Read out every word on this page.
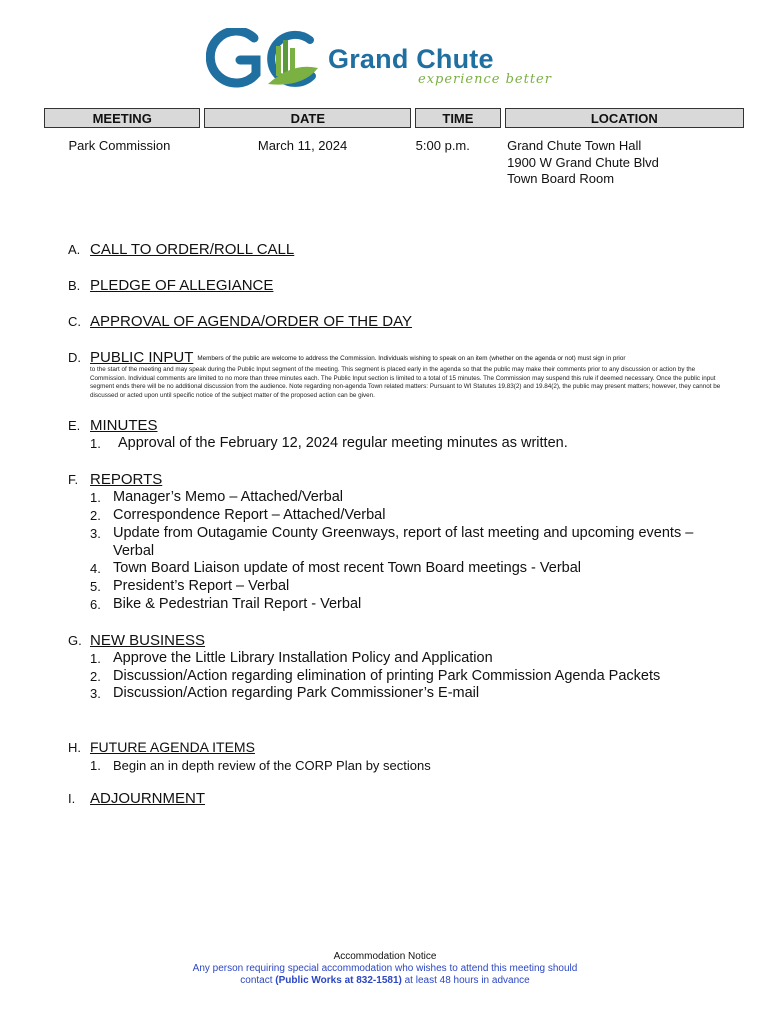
Grand Chute
experience better
MEETING		DATE		TIME		LOCATION
Park Commission		March 11, 2024		5:00 p.m.		Grand Chute Town Hall
1900 W Grand Chute Blvd
Town Board Room
A. CALL TO ORDER/ROLL CALL
B. PLEDGE OF ALLEGIANCE
C. APPROVAL OF AGENDA/ORDER OF THE DAY
D. PUBLIC INPUT Members of the public are welcome to address the Commission. Individuals wishing to speak on an item (whether on the agenda or not) must sign in prior
to the start of the meeting and may speak during the Public Input segment of the meeting. This segment is placed early in the agenda so that the public may make their comments prior to any discussion or action by the Commission. Individual comments are limited to no more than three minutes each. The Public Input section is limited to a total of 15 minutes. The Commission may suspend this rule if deemed necessary. Once the public input segment ends there will be no additional discussion from the audience. Note regarding non-agenda Town related matters: Pursuant to WI Statutes 19.83(2) and 19.84(2), the public may present matters; however, they cannot be discussed or acted upon until specific notice of the subject matter of the proposed action can be given.
E. MINUTES
1. Approval of the February 12, 2024 regular meeting minutes as written.
F. REPORTS
1. Manager’s Memo – Attached/Verbal
2. Correspondence Report – Attached/Verbal
3. Update from Outagamie County Greenways, report of last meeting and upcoming events – Verbal
4. Town Board Liaison update of most recent Town Board meetings - Verbal
5. President’s Report – Verbal
6. Bike & Pedestrian Trail Report - Verbal
G. NEW BUSINESS
1. Approve the Little Library Installation Policy and Application
2. Discussion/Action regarding elimination of printing Park Commission Agenda Packets
3. Discussion/Action regarding Park Commissioner’s E-mail
H. FUTURE AGENDA ITEMS
1. Begin an in depth review of the CORP Plan by sections
I. ADJOURNMENT
Accommodation Notice
Any person requiring special accommodation who wishes to attend this meeting should
contact (Public Works at 832-1581) at least 48 hours in advance
